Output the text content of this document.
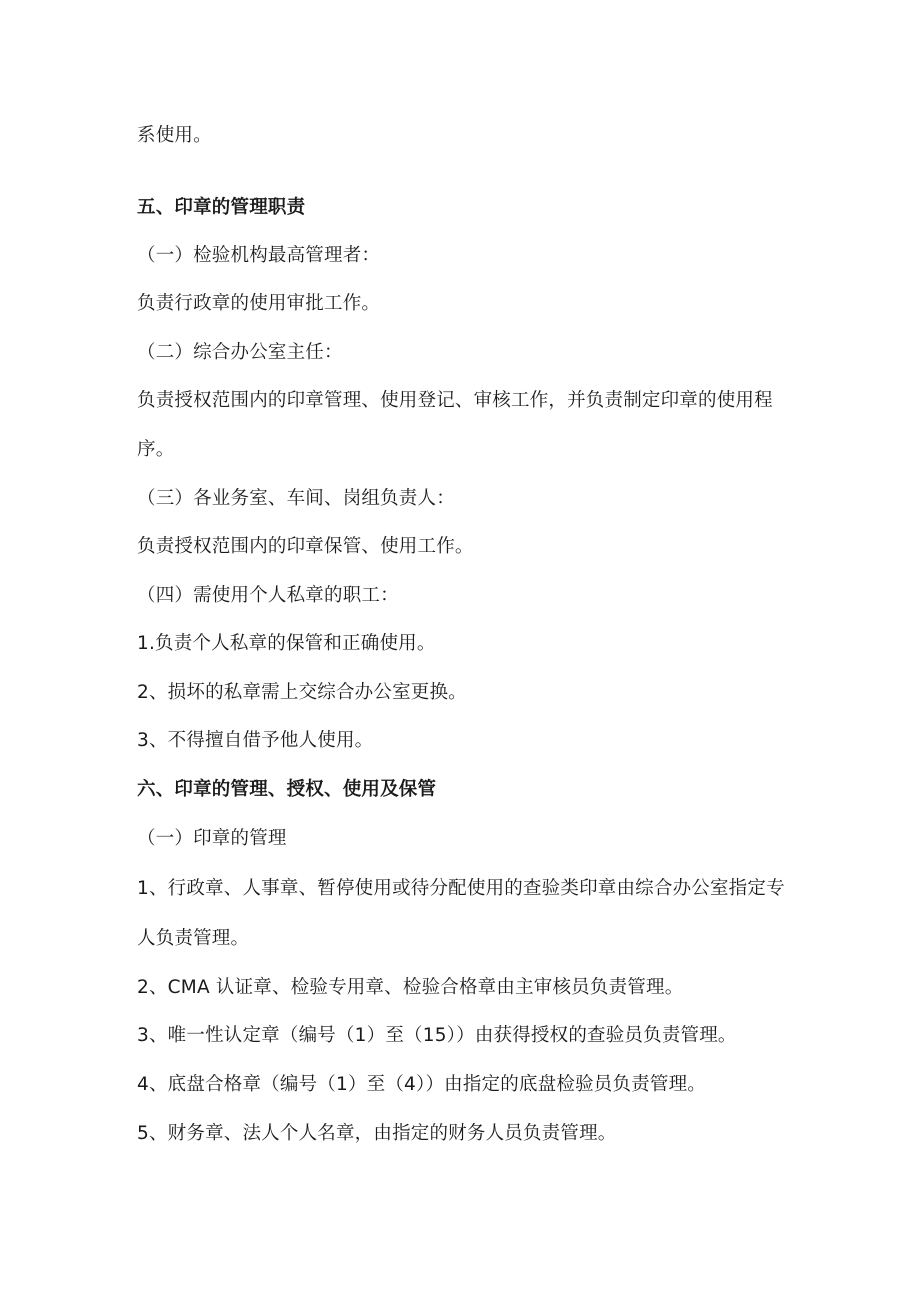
系使用。
五、印章的管理职责
（一）检验机构最高管理者：
负责行政章的使用审批工作。
（二）综合办公室主任：
负责授权范围内的印章管理、使用登记、审核工作，并负责制定印章的使用程
序。
（三）各业务室、车间、岗组负责人：
负责授权范围内的印章保管、使用工作。
（四）需使用个人私章的职工：
1.负责个人私章的保管和正确使用。
2、损坏的私章需上交综合办公室更换。
3、不得擅自借予他人使用。
六、印章的管理、授权、使用及保管
（一）印章的管理
1、行政章、人事章、暂停使用或待分配使用的查验类印章由综合办公室指定专
人负责管理。
2、CMA 认证章、检验专用章、检验合格章由主审核员负责管理。
3、唯一性认定章（编号（1）至（15））由获得授权的查验员负责管理。
4、底盘合格章（编号（1）至（4））由指定的底盘检验员负责管理。
5、财务章、法人个人名章，由指定的财务人员负责管理。
